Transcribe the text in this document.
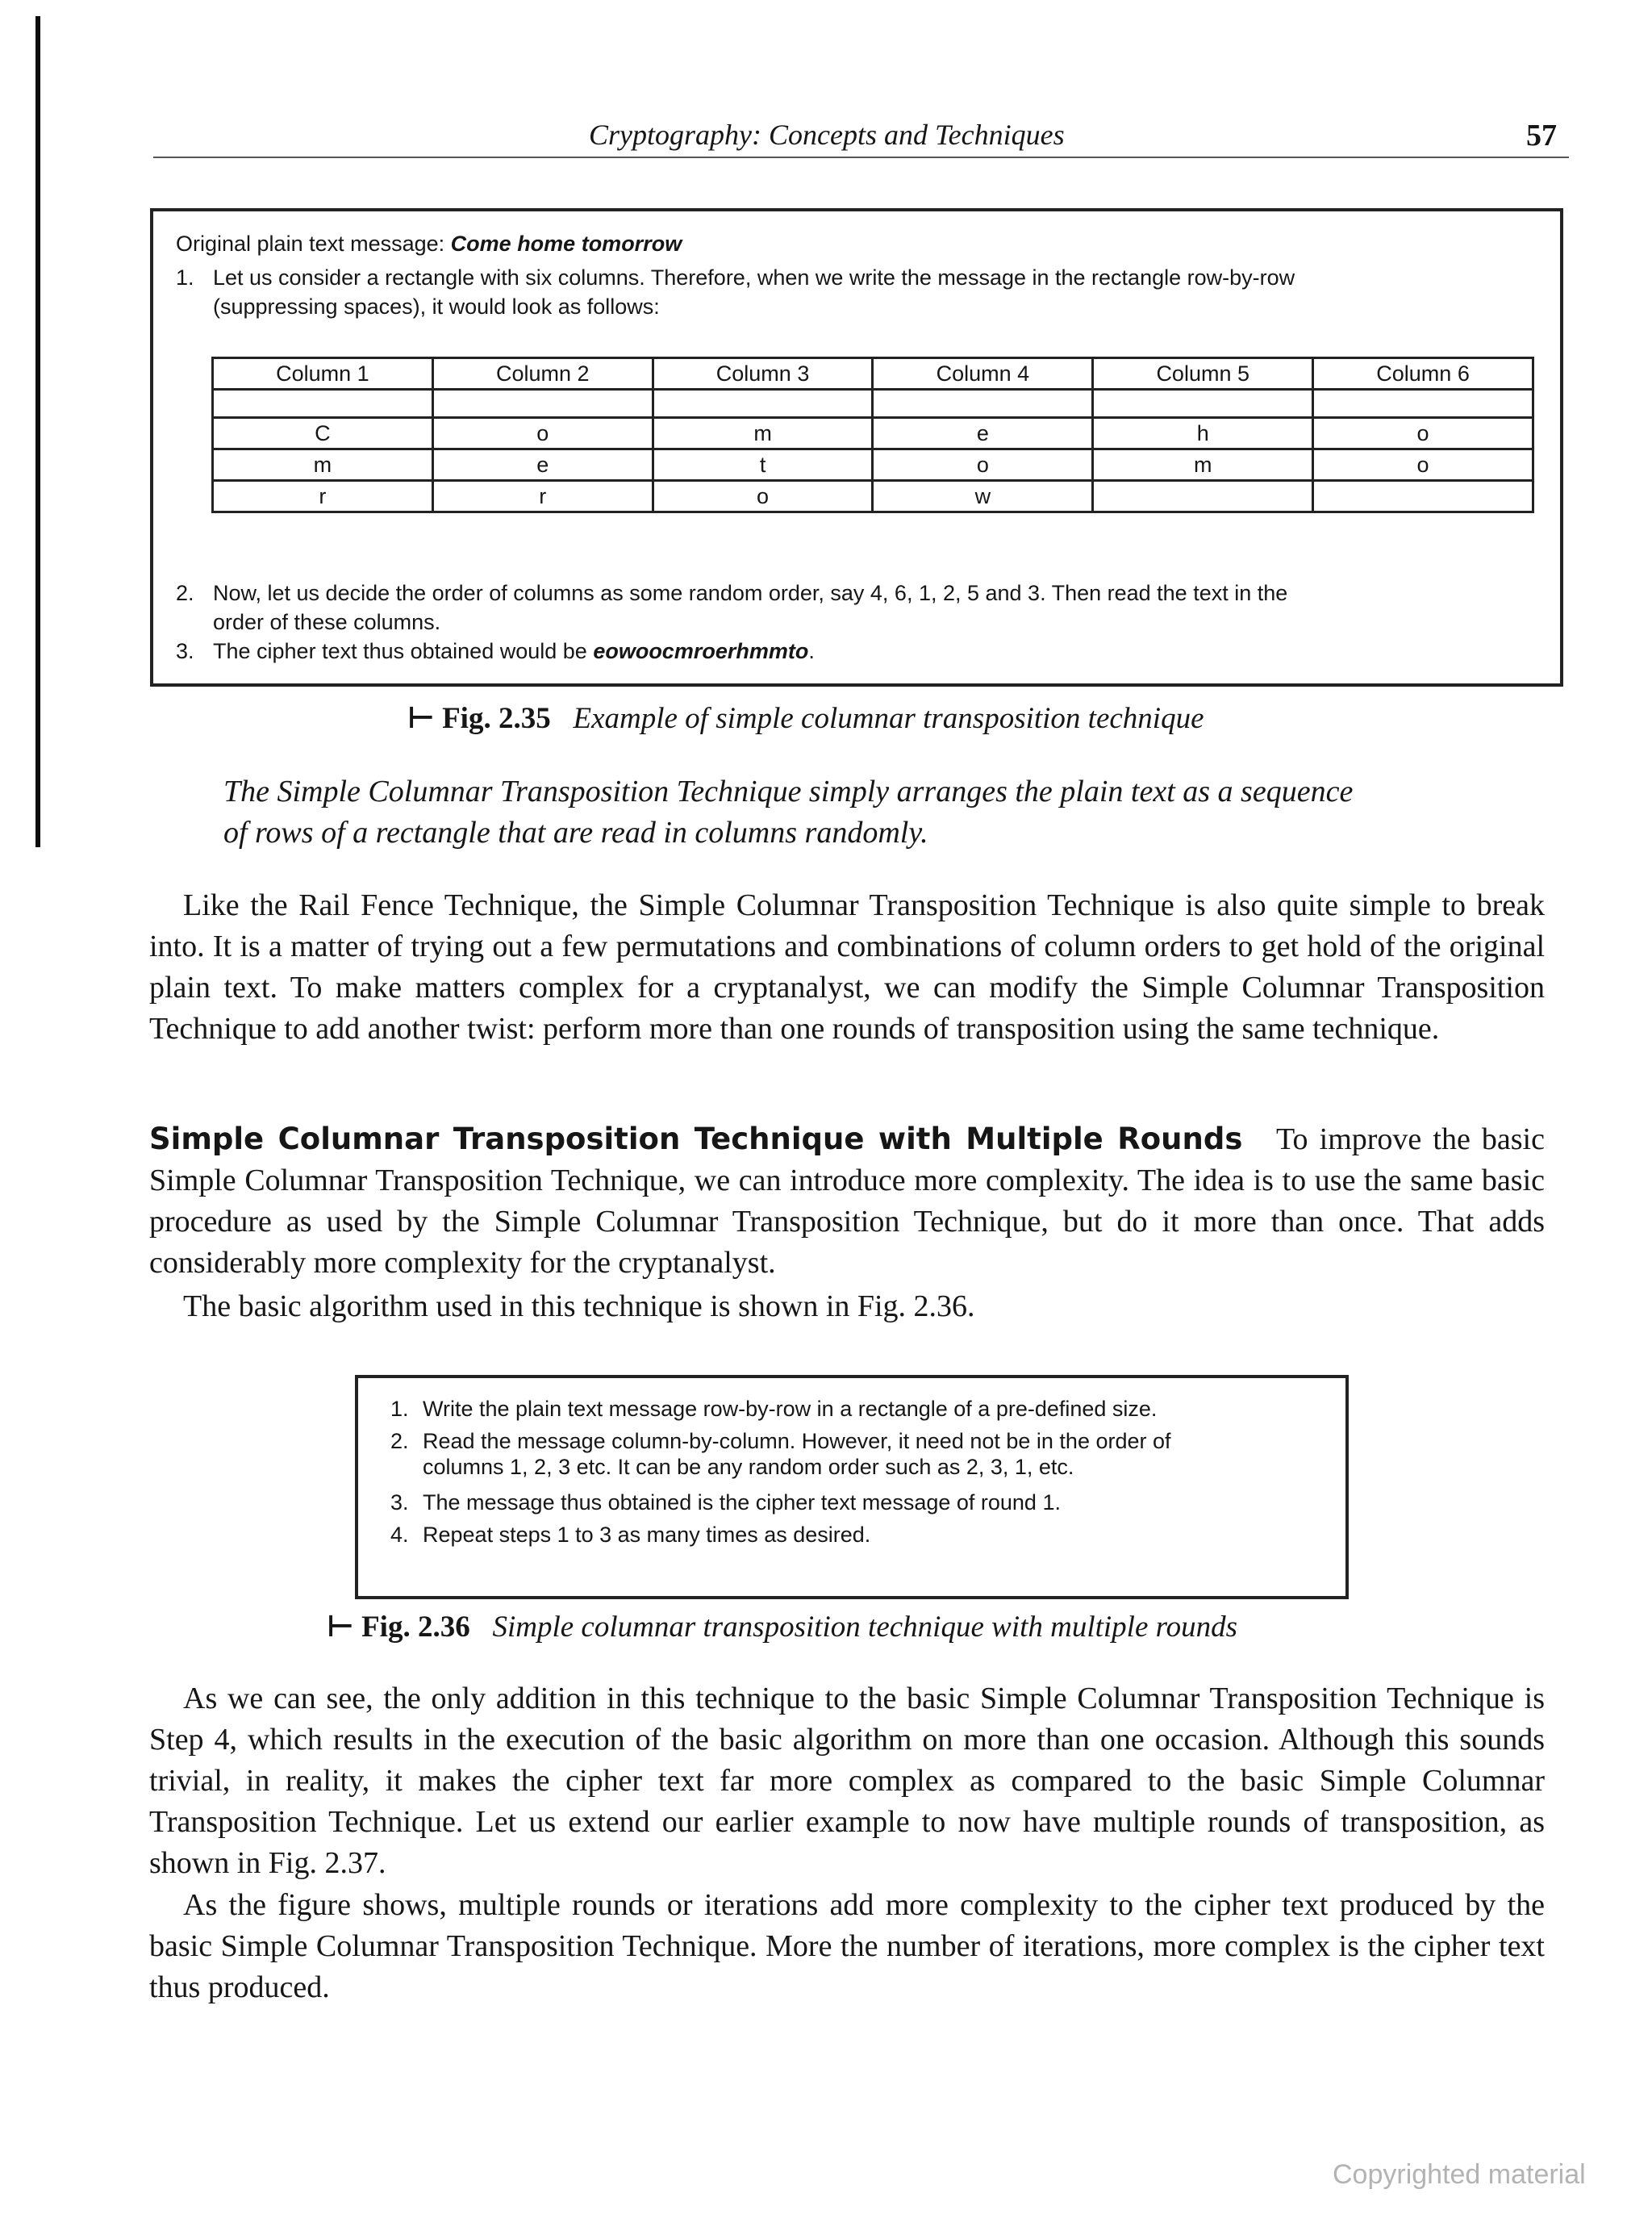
Cryptography: Concepts and Techniques	57
Original plain text message: Come home tomorrow
1. Let us consider a rectangle with six columns. Therefore, when we write the message in the rectangle row-by-row
(suppressing spaces), it would look as follows:
Column 1	Column 2	Column 3	Column 4	Column 5	Column 6

C	o	m	e	h	o
m	e	t	o	m	o
r	r	o	w		
2. Now, let us decide the order of columns as some random order, say 4, 6, 1, 2, 5 and 3. Then read the text in the
order of these columns.
3. The cipher text thus obtained would be eowoocmroerhmmto.
⊢ Fig. 2.35 Example of simple columnar transposition technique
The Simple Columnar Transposition Technique simply arranges the plain text as a sequence
of rows of a rectangle that are read in columns randomly.
Like the Rail Fence Technique, the Simple Columnar Transposition Technique is also quite simple to break into. It is a matter of trying out a few permutations and combinations of column orders to get hold of the original plain text. To make matters complex for a cryptanalyst, we can modify the Simple Columnar Transposition Technique to add another twist: perform more than one rounds of transposition using the same technique.
Simple Columnar Transposition Technique with Multiple Rounds To improve the basic Simple Columnar Transposition Technique, we can introduce more complexity. The idea is to use the same basic procedure as used by the Simple Columnar Transposition Technique, but do it more than once. That adds considerably more complexity for the cryptanalyst.
The basic algorithm used in this technique is shown in Fig. 2.36.
1. Write the plain text message row-by-row in a rectangle of a pre-defined size.
2. Read the message column-by-column. However, it need not be in the order of
columns 1, 2, 3 etc. It can be any random order such as 2, 3, 1, etc.
3. The message thus obtained is the cipher text message of round 1.
4. Repeat steps 1 to 3 as many times as desired.
⊢ Fig. 2.36 Simple columnar transposition technique with multiple rounds
As we can see, the only addition in this technique to the basic Simple Columnar Transposition Technique is Step 4, which results in the execution of the basic algorithm on more than one occasion. Although this sounds trivial, in reality, it makes the cipher text far more complex as compared to the basic Simple Columnar Transposition Technique. Let us extend our earlier example to now have multiple rounds of transposition, as shown in Fig. 2.37.
As the figure shows, multiple rounds or iterations add more complexity to the cipher text produced by the basic Simple Columnar Transposition Technique. More the number of iterations, more complex is the cipher text thus produced.
Copyrighted material
